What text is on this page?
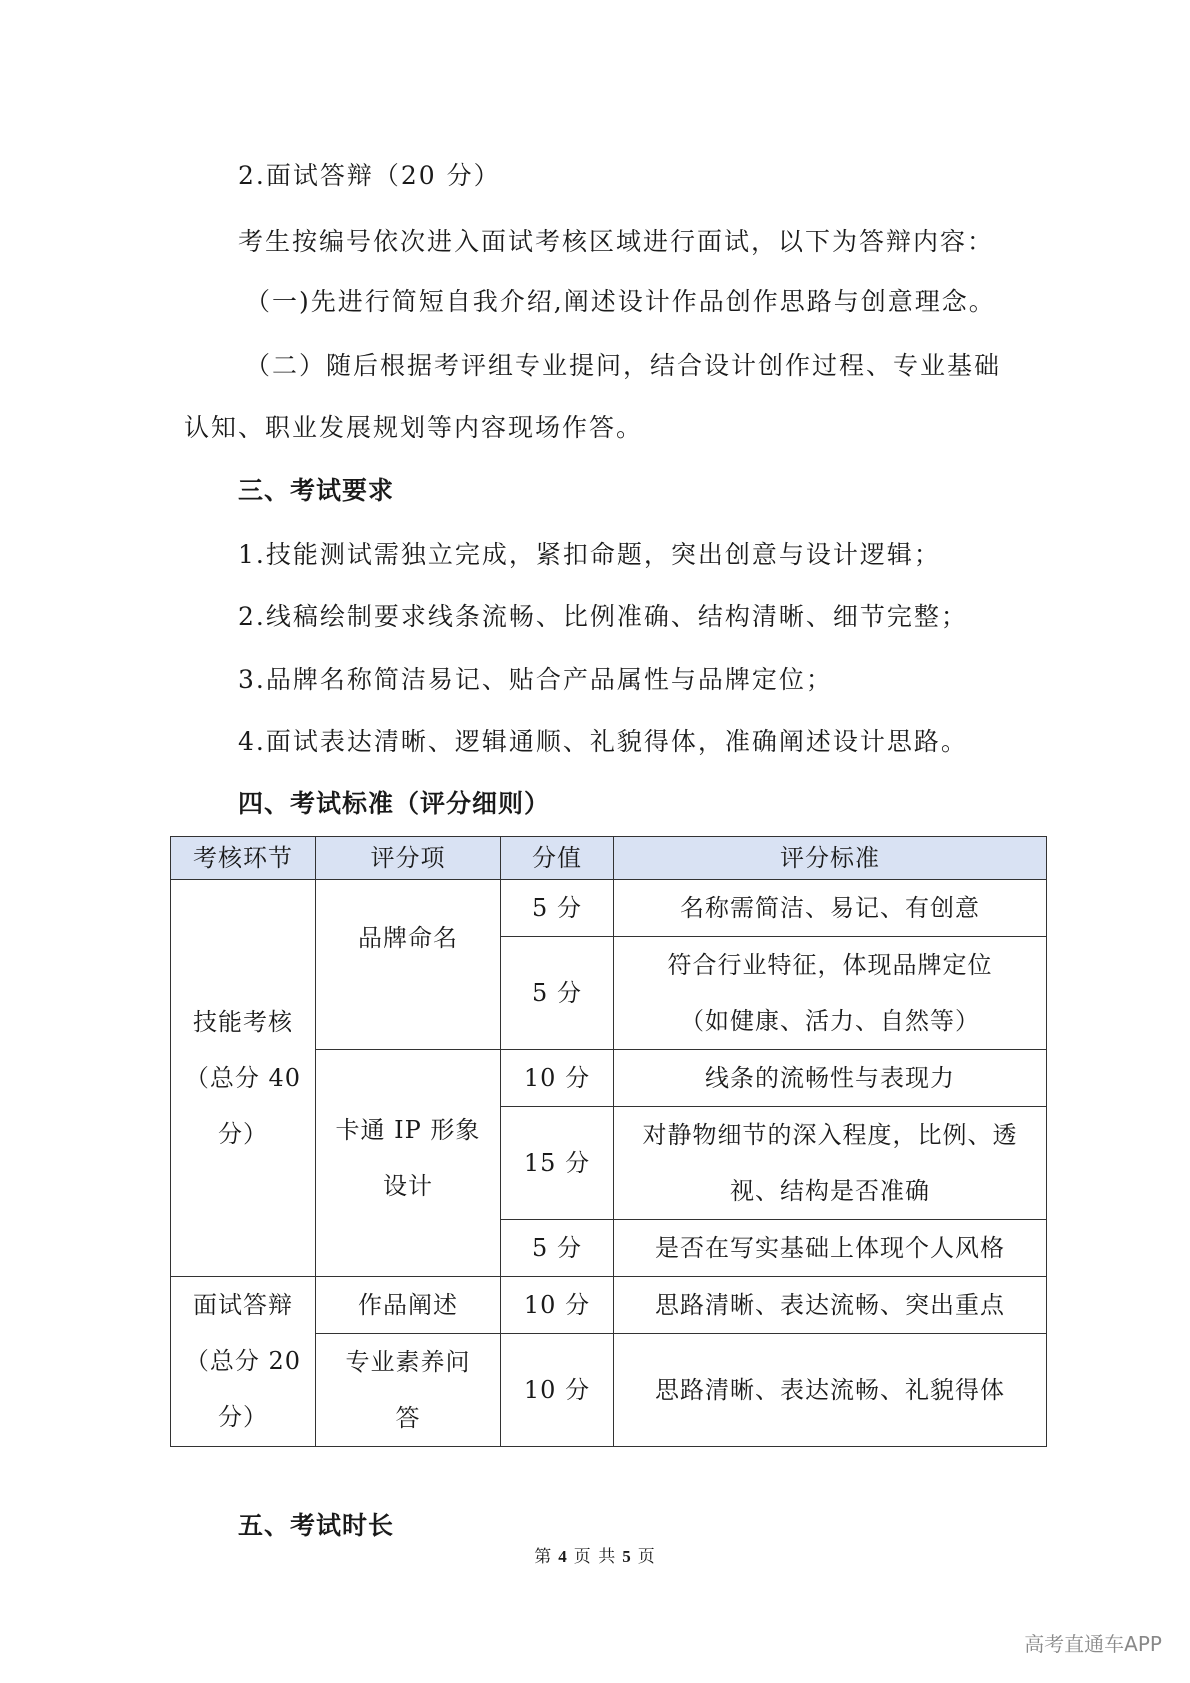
2.面试答辩（20 分）
考生按编号依次进入面试考核区域进行面试，以下为答辩内容：
（一)先进行简短自我介绍,阐述设计作品创作思路与创意理念。
（二）随后根据考评组专业提问，结合设计创作过程、专业基础
认知、职业发展规划等内容现场作答。
三、考试要求
1.技能测试需独立完成，紧扣命题，突出创意与设计逻辑；
2.线稿绘制要求线条流畅、比例准确、结构清晰、细节完整；
3.品牌名称简洁易记、贴合产品属性与品牌定位；
4.面试表达清晰、逻辑通顺、礼貌得体，准确阐述设计思路。
四、考试标准（评分细则）
考核环节	评分项	分值	评分标准

技能考核
（总分 40
分）	品牌命名	5 分	名称需简洁、易记、有创意
		5 分	符合行业特征，体现品牌定位
（如健康、活力、自然等）

	卡通 IP 形象
设计	10 分	线条的流畅性与表现力
		15 分	对静物细节的深入程度，比例、透
视、结构是否准确

		5 分	是否在写实基础上体现个人风格

面试答辩
（总分 20
分）	作品阐述	10 分	思路清晰、表达流畅、突出重点

	专业素养问
答	10 分	思路清晰、表达流畅、礼貌得体
五、考试时长
第 4 页 共 5 页
高考直通车APP
